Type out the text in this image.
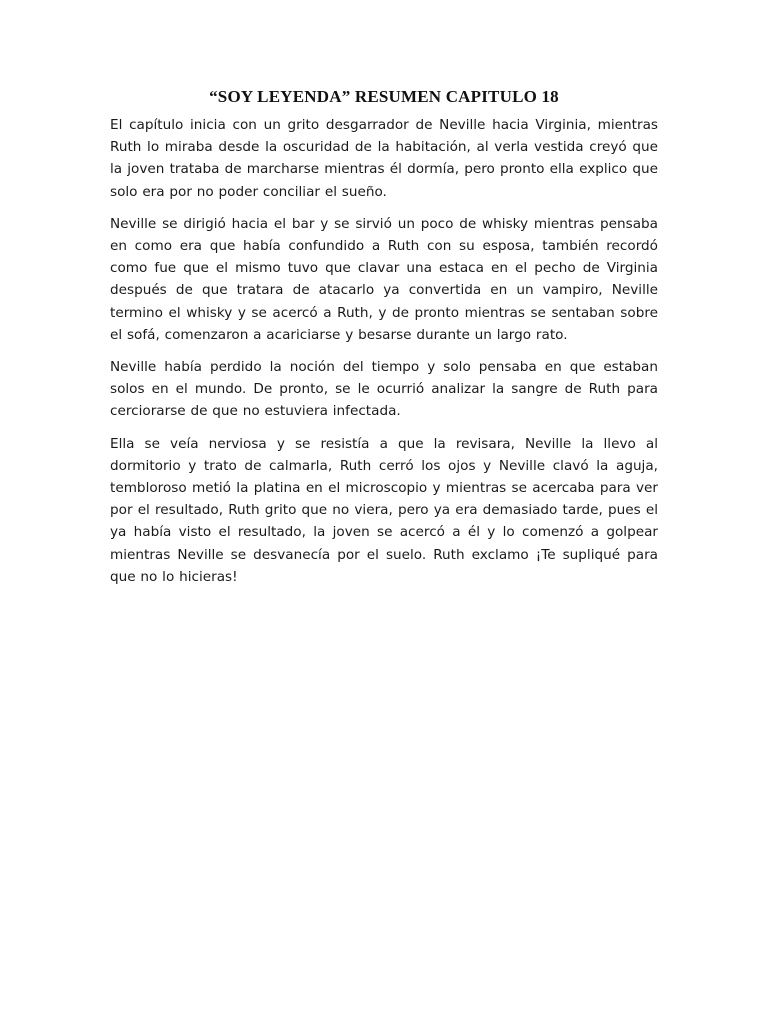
“SOY LEYENDA” RESUMEN CAPITULO 18

El capítulo inicia con un grito desgarrador de Neville hacia Virginia, mientras Ruth lo miraba desde la oscuridad de la habitación, al verla vestida creyó que la joven trataba de marcharse mientras él dormía, pero pronto ella explico que solo era por no poder conciliar el sueño.

Neville se dirigió hacia el bar y se sirvió un poco de whisky mientras pensaba en como era que había confundido a Ruth con su esposa, también recordó como fue que el mismo tuvo que clavar una estaca en el pecho de Virginia después de que tratara de atacarlo ya convertida en un vampiro, Neville termino el whisky y se acercó a Ruth, y de pronto mientras se sentaban sobre el sofá, comenzaron a acariciarse y besarse durante un largo rato.

Neville había perdido la noción del tiempo y solo pensaba en que estaban solos en el mundo. De pronto, se le ocurrió analizar la sangre de Ruth para cerciorarse de que no estuviera infectada.

Ella se veía nerviosa y se resistía a que la revisara, Neville la llevo al dormitorio y trato de calmarla, Ruth cerró los ojos y Neville clavó la aguja, tembloroso metió la platina en el microscopio y mientras se acercaba para ver por el resultado, Ruth grito que no viera, pero ya era demasiado tarde, pues el ya había visto el resultado, la joven se acercó a él y lo comenzó a golpear mientras Neville se desvanecía por el suelo. Ruth exclamo ¡Te supliqué para que no lo hicieras!
